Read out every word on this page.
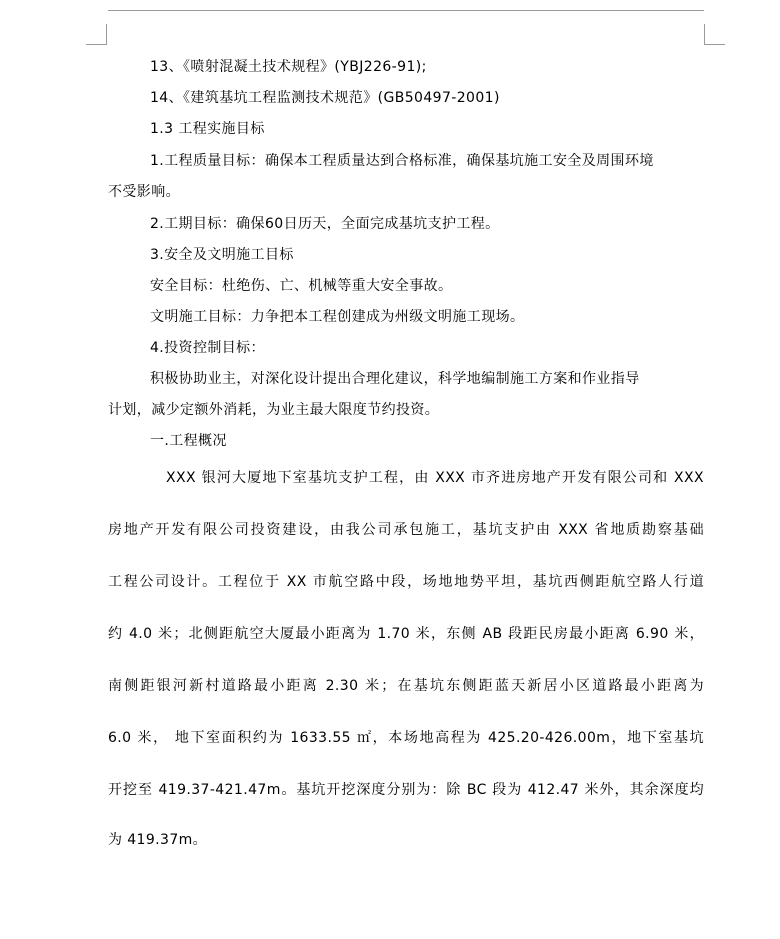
13、《喷射混凝土技术规程》(YBJ226-91);
14、《建筑基坑工程监测技术规范》(GB50497-2001)
1.3 工程实施目标
1.工程质量目标：确保本工程质量达到合格标准，确保基坑施工安全及周围环境
不受影响。
2.工期目标：确保60日历天，全面完成基坑支护工程。
3.安全及文明施工目标
安全目标：杜绝伤、亡、机械等重大安全事故。
文明施工目标：力争把本工程创建成为州级文明施工现场。
4.投资控制目标：
积极协助业主，对深化设计提出合理化建议，科学地编制施工方案和作业指导
计划，减少定额外消耗，为业主最大限度节约投资。
一.工程概况
XXX 银河大厦地下室基坑支护工程，由 XXX 市齐进房地产开发有限公司和 XXX
房地产开发有限公司投资建设，由我公司承包施工，基坑支护由 XXX 省地质勘察基础
工程公司设计。工程位于 XX 市航空路中段，场地地势平坦，基坑西侧距航空路人行道
约 4.0 米；北侧距航空大厦最小距离为 1.70 米，东侧 AB 段距民房最小距离 6.90 米，
南侧距银河新村道路最小距离 2.30 米；在基坑东侧距蓝天新居小区道路最小距离为
6.0 米， 地下室面积约为 1633.55 ㎡，本场地高程为 425.20-426.00m，地下室基坑
开挖至 419.37-421.47m。基坑开挖深度分别为：除 BC 段为 412.47 米外，其余深度均
为 419.37m。
